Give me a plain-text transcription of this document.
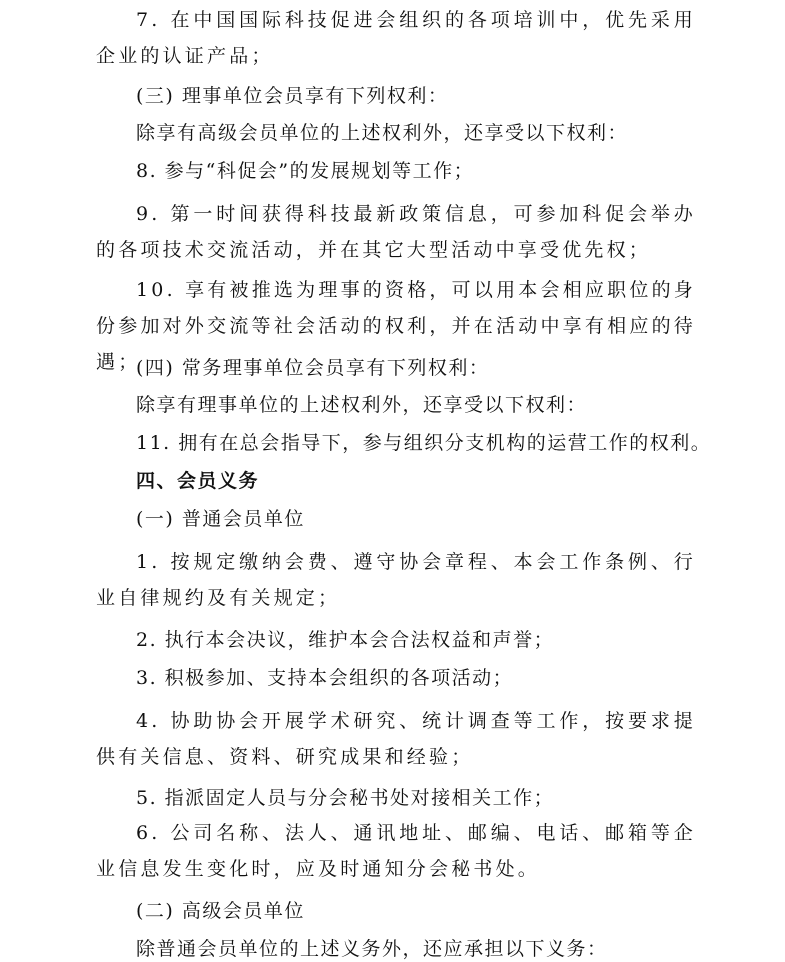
7. 在中国国际科技促进会组织的各项培训中，优先采用企业的认证产品；
(三) 理事单位会员享有下列权利：
除享有高级会员单位的上述权利外，还享受以下权利：
8. 参与“科促会”的发展规划等工作；
9. 第一时间获得科技最新政策信息，可参加科促会举办的各项技术交流活动，并在其它大型活动中享受优先权；
10. 享有被推选为理事的资格，可以用本会相应职位的身份参加对外交流等社会活动的权利，并在活动中享有相应的待遇；
(四) 常务理事单位会员享有下列权利：
除享有理事单位的上述权利外，还享受以下权利：
11. 拥有在总会指导下，参与组织分支机构的运营工作的权利。
四、会员义务
(一) 普通会员单位
1. 按规定缴纳会费、遵守协会章程、本会工作条例、行业自律规约及有关规定；
2. 执行本会决议，维护本会合法权益和声誉；
3. 积极参加、支持本会组织的各项活动；
4. 协助协会开展学术研究、统计调查等工作，按要求提供有关信息、资料、研究成果和经验；
5. 指派固定人员与分会秘书处对接相关工作；
6. 公司名称、法人、通讯地址、邮编、电话、邮箱等企业信息发生变化时，应及时通知分会秘书处。
(二) 高级会员单位
除普通会员单位的上述义务外，还应承担以下义务：
